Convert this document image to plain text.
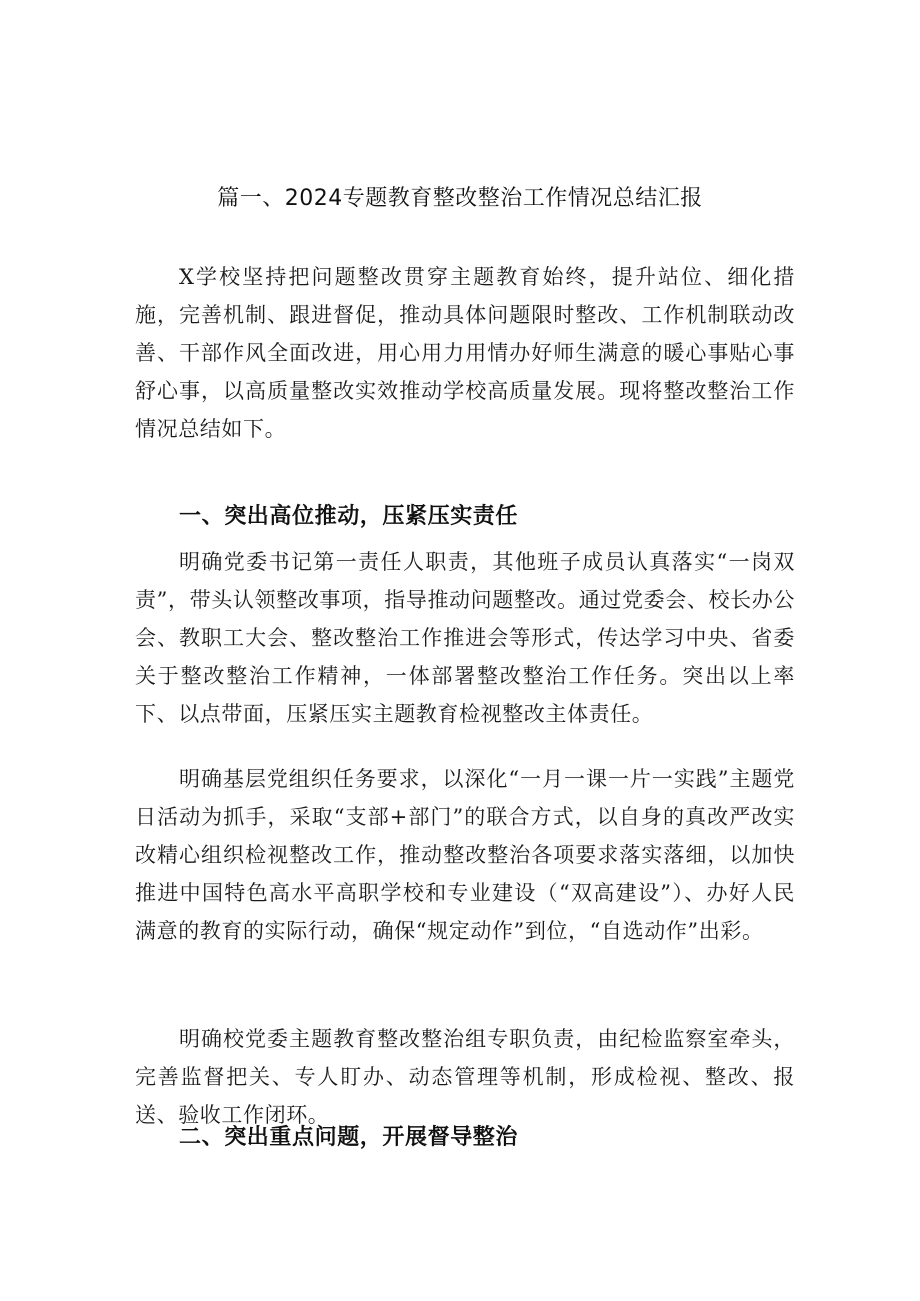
篇一、2024专题教育整改整治工作情况总结汇报

X学校坚持把问题整改贯穿主题教育始终，提升站位、细化措施，完善机制、跟进督促，推动具体问题限时整改、工作机制联动改善、干部作风全面改进，用心用力用情办好师生满意的暖心事贴心事舒心事，以高质量整改实效推动学校高质量发展。现将整改整治工作情况总结如下。

一、突出高位推动，压紧压实责任

明确党委书记第一责任人职责，其他班子成员认真落实“一岗双责”，带头认领整改事项，指导推动问题整改。通过党委会、校长办公会、教职工大会、整改整治工作推进会等形式，传达学习中央、省委关于整改整治工作精神，一体部署整改整治工作任务。突出以上率下、以点带面，压紧压实主题教育检视整改主体责任。

明确基层党组织任务要求，以深化“一月一课一片一实践”主题党日活动为抓手，采取“支部+部门”的联合方式，以自身的真改严改实改精心组织检视整改工作，推动整改整治各项要求落实落细，以加快推进中国特色高水平高职学校和专业建设（“双高建设”）、办好人民满意的教育的实际行动，确保“规定动作”到位，“自选动作”出彩。

明确校党委主题教育整改整治组专职负责，由纪检监察室牵头，完善监督把关、专人盯办、动态管理等机制，形成检视、整改、报送、验收工作闭环。

二、突出重点问题，开展督导整治
